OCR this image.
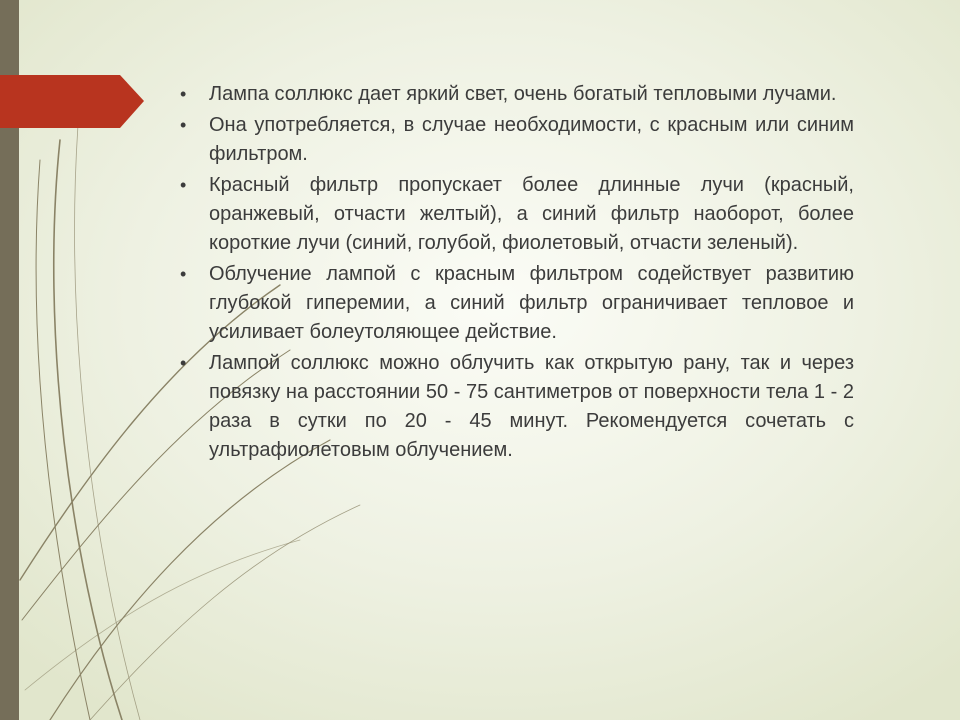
• Лампа соллюкс дает яркий свет, очень богатый тепловыми лучами.
• Она употребляется, в случае необходимости, с красным или синим фильтром.
• Красный фильтр пропускает более длинные лучи (красный, оранжевый, отчасти желтый), а синий фильтр наоборот, более короткие лучи (синий, голубой, фиолетовый, отчасти зеленый).
• Облучение лампой с красным фильтром содействует развитию глубокой гиперемии, а синий фильтр ограничивает тепловое и усиливает болеутоляющее действие.
• Лампой соллюкс можно облучить как открытую рану, так и через повязку на расстоянии 50 - 75 сантиметров от поверхности тела 1 - 2 раза в сутки по 20 - 45 минут. Рекомендуется сочетать с ультрафиолетовым облучением.
